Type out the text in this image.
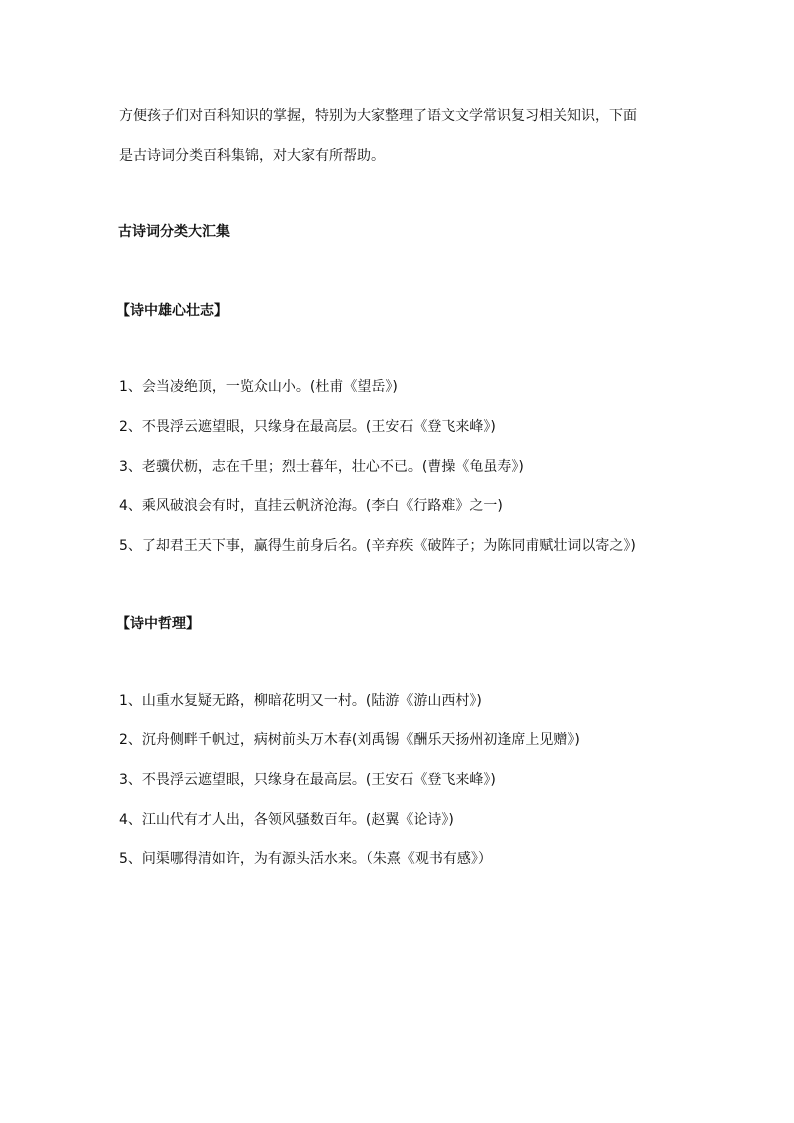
方便孩子们对百科知识的掌握，特别为大家整理了语文文学常识复习相关知识，下面
是古诗词分类百科集锦，对大家有所帮助。
古诗词分类大汇集
【诗中雄心壮志】
1、会当凌绝顶，一览众山小。(杜甫《望岳》)
2、不畏浮云遮望眼，只缘身在最高层。(王安石《登飞来峰》)
3、老骥伏枥，志在千里；烈士暮年，壮心不已。(曹操《龟虽寿》)
4、乘风破浪会有时，直挂云帆济沧海。(李白《行路难》之一)
5、了却君王天下事，赢得生前身后名。(辛弃疾《破阵子；为陈同甫赋壮词以寄之》)
【诗中哲理】
1、山重水复疑无路，柳暗花明又一村。(陆游《游山西村》)
2、沉舟侧畔千帆过，病树前头万木春(刘禹锡《酬乐天扬州初逢席上见赠》)
3、不畏浮云遮望眼，只缘身在最高层。(王安石《登飞来峰》)
4、江山代有才人出，各领风骚数百年。(赵翼《论诗》)
5、问渠哪得清如许，为有源头活水来。（朱熹《观书有感》）
